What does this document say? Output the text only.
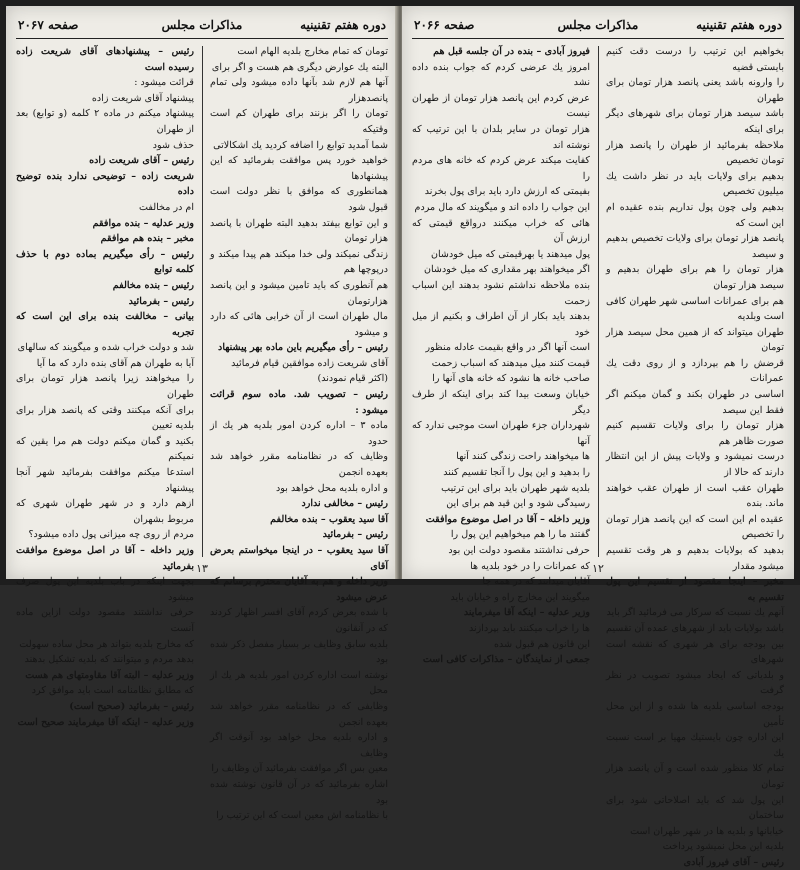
دوره هفتم تقنينيه
مذاكرات مجلس
صفحه ۲۰۶۷

تومان كه تمام مخارج بلديه الهام است

البته يك عوارض ديگرى هم هست و اگر براى

آنها هم لازم شد بآنها داده ميشود ولى تمام پانصدهزار

تومان را اگر بزنند براى طهران كم است وقتيكه

شما آمديد توابع را اضافه كرديد يك اشكالاتى

خواهيد خورد پس موافقت بفرمائيد كه اين پيشنهادها

همانطورى كه موافق با نظر دولت است قبول شود

و اين توابع بيفتد بدهيد البته طهران با پانصد هزار تومان

زندگى نميكند ولى خدا ميكند هم پيدا ميكند و درپوچها هم

هم آنطورى كه بايد تامين ميشود و اين پانصد هزارتومان

مال طهران است از آن خرابى هائى كه دارد و ميشود

رئيس – رأى ميگيريم باين ماده بهر پيشنهاد

آقاى شريعت زاده موافقين قيام فرمائيد

(اكثر قيام نمودند)

رئيس – تصويب شد. ماده سوم قرائت ميشود :

ماده ۳ – اداره كردن امور بلديه هر يك از حدود

وظايف كه در نظامنامه مقرر خواهد شد بعهده انجمن

و اداره بلديه محل خواهد بود

رئيس – مخالفى ندارد

آقا سيد يعقوب – بنده مخالفم

رئيس – بفرمائيد

آقا سيد يعقوب – در اينجا ميخواستم بعرض آقاى

وزير داخله و هم به آقايان محترم برسانم كه عرض ميشود

با شده بعرض كردم آقاى افسر اظهار كردند كه در آنقانون

بلديه سابق وظايف بر بسيار مفصل ذكر شده بود

نوشته است اداره كردن امور بلديه هر يك از محل

وظايفى كه در نظامنامه مقرر خواهد شد بعهده انجمن

و اداره بلديه محل خواهد بود آنوقت اگر وظايف

معين بس اگر موافقت بفرمائيد آن وظايف را

اشاره بفرمائيد كه در آن قانون نوشته شده بود

با نظامنامه اش معين است كه اين ترتيب را

رئيس – پيشنهادهاى آقاى شريعت زاده رسيده است

قرائت ميشود :

پيشنهاد آقاى شريعت زاده

پيشنهاد ميكنم در ماده ۲ كلمه (و توابع) بعد از طهران

حذف شود

رئيس – آقاى شريعت زاده

شريعت زاده – توضيحى ندارد بنده توضيح داده

ام در مخالفت

وزير عدليه – بنده موافقم

مخبر – بنده هم موافقم

رئيس – رأى ميگيريم بماده دوم با حذف كلمه توابع

رئيس – بنده مخالفم

رئيس – بفرمائيد

بيانى – مخالفت بنده براى اين است كه تجربه

شد و دولت خراب شده و ميگويند كه سالهاى

آيا به طهران هم آقاى بنده دارد كه ما آيا

را ميخواهند زيرا پانصد هزار تومان براى طهران

براى آنكه ميكنند وقتى كه پانصد هزار براى بلديه تعيين

بكنيد و گمان ميكنم دولت هم مرا يقين كه نميكنم

استدعا ميكنم موافقت بفرمائيد شهر آنجا پيشنهاد

ازهم دارد و در شهر طهران شهرى كه مربوط بشهران

مردم از روى چه ميزانى پول داده ميشود؟

وزير داخله – آقا در اصل موضوع موافقت بفرمائيد

بجهت اينكه در باب بلديه اين پول صرف ميشود

حرفى نداشتند مقصود دولت ازاين ماده آنست

كه مخارج بلديه بتواند هر محل ساده سهولت

بدهد مردم و ميتوانند كه بلديه تشكيل بدهند

وزير عدليه – البته آقا مقاومتهاى هم هست

كه مطابق نظامنامه است بايد موافق كرد

رئيس – بفرمائيد (صحيح است)

وزير عدليه – اينكه آقا ميفرمايند صحيح است

۱۳
دوره هفتم تقنينيه
مذاكرات مجلس
صفحه ۲۰۶۶

بخواهيم اين ترتيب را درست دقت كنيم بايستى قضيه

را وارونه باشد يعنى پانصد هزار تومان براى طهران

باشد سيصد هزار تومان براى شهرهاى ديگر براى اينكه

ملاحظه بفرمائيد از طهران را پانصد هزار تومان تخصيص

بدهيم براى ولايات بايد در نظر داشت يك ميليون تخصيص

بدهيم ولى چون پول نداريم بنده عقيده ام اين است كه

پانصد هزار تومان براى ولايات تخصيص بدهيم و سيصد

هزار تومان را هم براى طهران بدهيم و سيصد هزار تومان

هم براى عمرانات اساسى شهر طهران كافى است وبلديه

طهران ميتواند كه از همين محل سيصد هزار تومان

قرضش را هم بپردازد و از روى دقت يك عمرانات

اساسى در طهران بكند و گمان ميكنم اگر فقط اين سيصد

هزار تومان را براى ولايات تقسيم كنيم صورت ظاهر هم

درست نميشود و ولايات پيش از اين انتظار دارند كه حالا از

طهران عقب است از طهران عقب خواهند ماند. بنده

عقيده ام اين است كه اين پانصد هزار تومان را تخصيص

بدهيد كه بولايات بدهيم و هر وقت تقسيم ميشود مقدار

مخبر – اينجا مقصود از تقسيم اين پول تقسيم به

آنهم يك نسبت كه سركار مى فرمائيد اگر بايد

باشد بولايات بايد از شهرهاى عمده آن تقسيم

بين بودجه براى هر شهرى كه نقشه است شهرهاى

و بلدياتى كه ايجاد ميشود تصويب در نظر گرفت

بودجه اساسى بلديه ها شده و از اين محل تأمين

اين اداره چون بايستيك مهيا بر است نسبت يك

تمام كلا منظور شده است و آن پانصد هزار تومان

اين پول شد كه بايد اصلاحاتى شود براى ساختمان

خيابانها و بلديه ها در شهر طهران است

بلديه اين محل نميشود پرداخت

رئيس – آقاى فيروز آبادى

فيروز آبادى – بنده در آن جلسه قبل هم

امروز يك عرضى كردم كه جواب بنده داده نشد

عرض كردم اين پانصد هزار تومان از طهران نيست

هزار تومان در ساير بلدان با اين ترتيب كه نوشته اند

كفايت ميكند عرض كردم كه خانه هاى مردم را

بفيمتى كه ارزش دارد بايد براى پول بخرند

اين جواب را داده اند و ميگويند كه مال مردم

هائى كه خراب ميكنند درواقع قيمتى كه ارزش آن

پول ميدهند يا بهرقيمتى كه ميل خودشان

اگر ميخواهند بهر مقدارى كه ميل خودشان

بنده ملاحظه نداشتم نشود بدهند اين اسباب زحمت

بدهند بايد بكار از آن اطراف و بكنيم از ميل خود

است آنها اگر در واقع بقيمت عادله منظور

قيمت كنند ميل ميدهند كه اسباب زحمت

صاحب خانه ها نشود كه خانه هاى آنها را

خيابان وسعت بيدا كند براى اينكه از طرف ديگر

شهرداران جزء طهران است موجبى ندارد كه آنها

ها ميخواهند راحت زندگى كنند آنها

را بدهيد و اين پول را آنجا تقسيم كنند

بلديه شهر طهران بايد براى اين ترتيب

رسيدگى شود و اين قيد هم براى اين

وزير داخله – آقا در اصل موضوع موافقت

گفتند ما را هم ميخواهيم اين پول را

حرفى نداشتند مقصود دولت اين بود

كه عمرانات را در خود بلديه ها

آقايان ميدانند كه در همه جا

ميگويند اين مخارج راه و خيابان بايد

وزير عدليه – اينكه آقا ميفرمايند

ها را خراب ميكنند بايد بپردازند

اين قانون هم قبول شده

جمعى از نمايندگان – مذاكرات كافى است

۱۲
